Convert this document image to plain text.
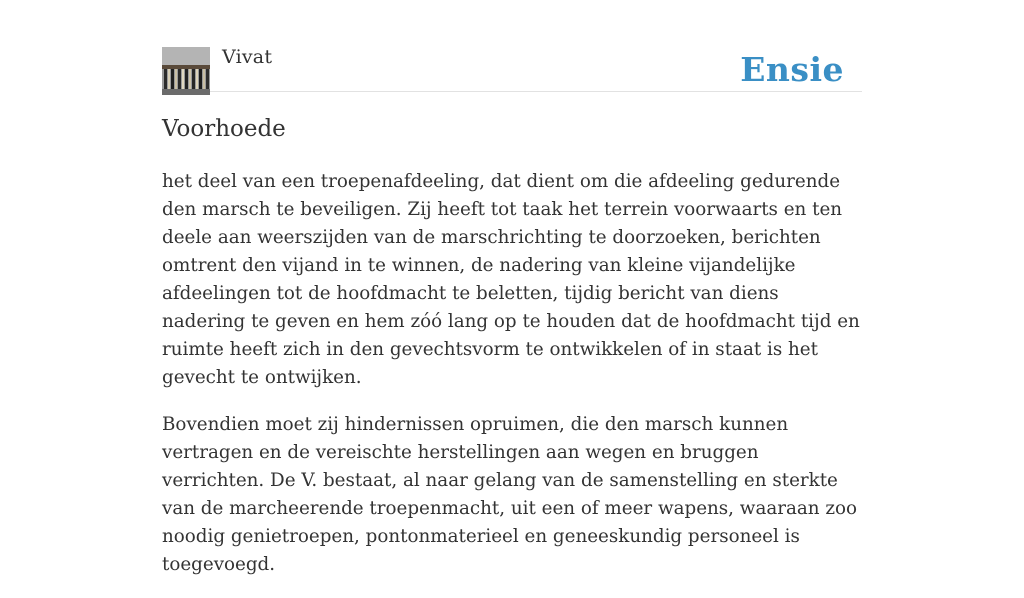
Vivat	Ensie
Voorhoede

het deel van een troepenafdeeling, dat dient om die afdeeling gedurende den marsch te beveiligen. Zij heeft tot taak het terrein voorwaarts en ten deele aan weerszijden van de marschrichting te doorzoeken, berichten omtrent den vijand in te winnen, de nadering van kleine vijandelijke afdeelingen tot de hoofdmacht te beletten, tijdig bericht van diens nadering te geven en hem zóó lang op te houden dat de hoofdmacht tijd en ruimte heeft zich in den gevechtsvorm te ontwikkelen of in staat is het gevecht te ontwijken.

Bovendien moet zij hindernissen opruimen, die den marsch kunnen vertragen en de vereischte herstellingen aan wegen en bruggen verrichten. De V. bestaat, al naar gelang van de samenstelling en sterkte van de marcheerende troepenmacht, uit een of meer wapens, waaraan zoo noodig genietroepen, pontonmaterieel en geneeskundig personeel is toegevoegd.
